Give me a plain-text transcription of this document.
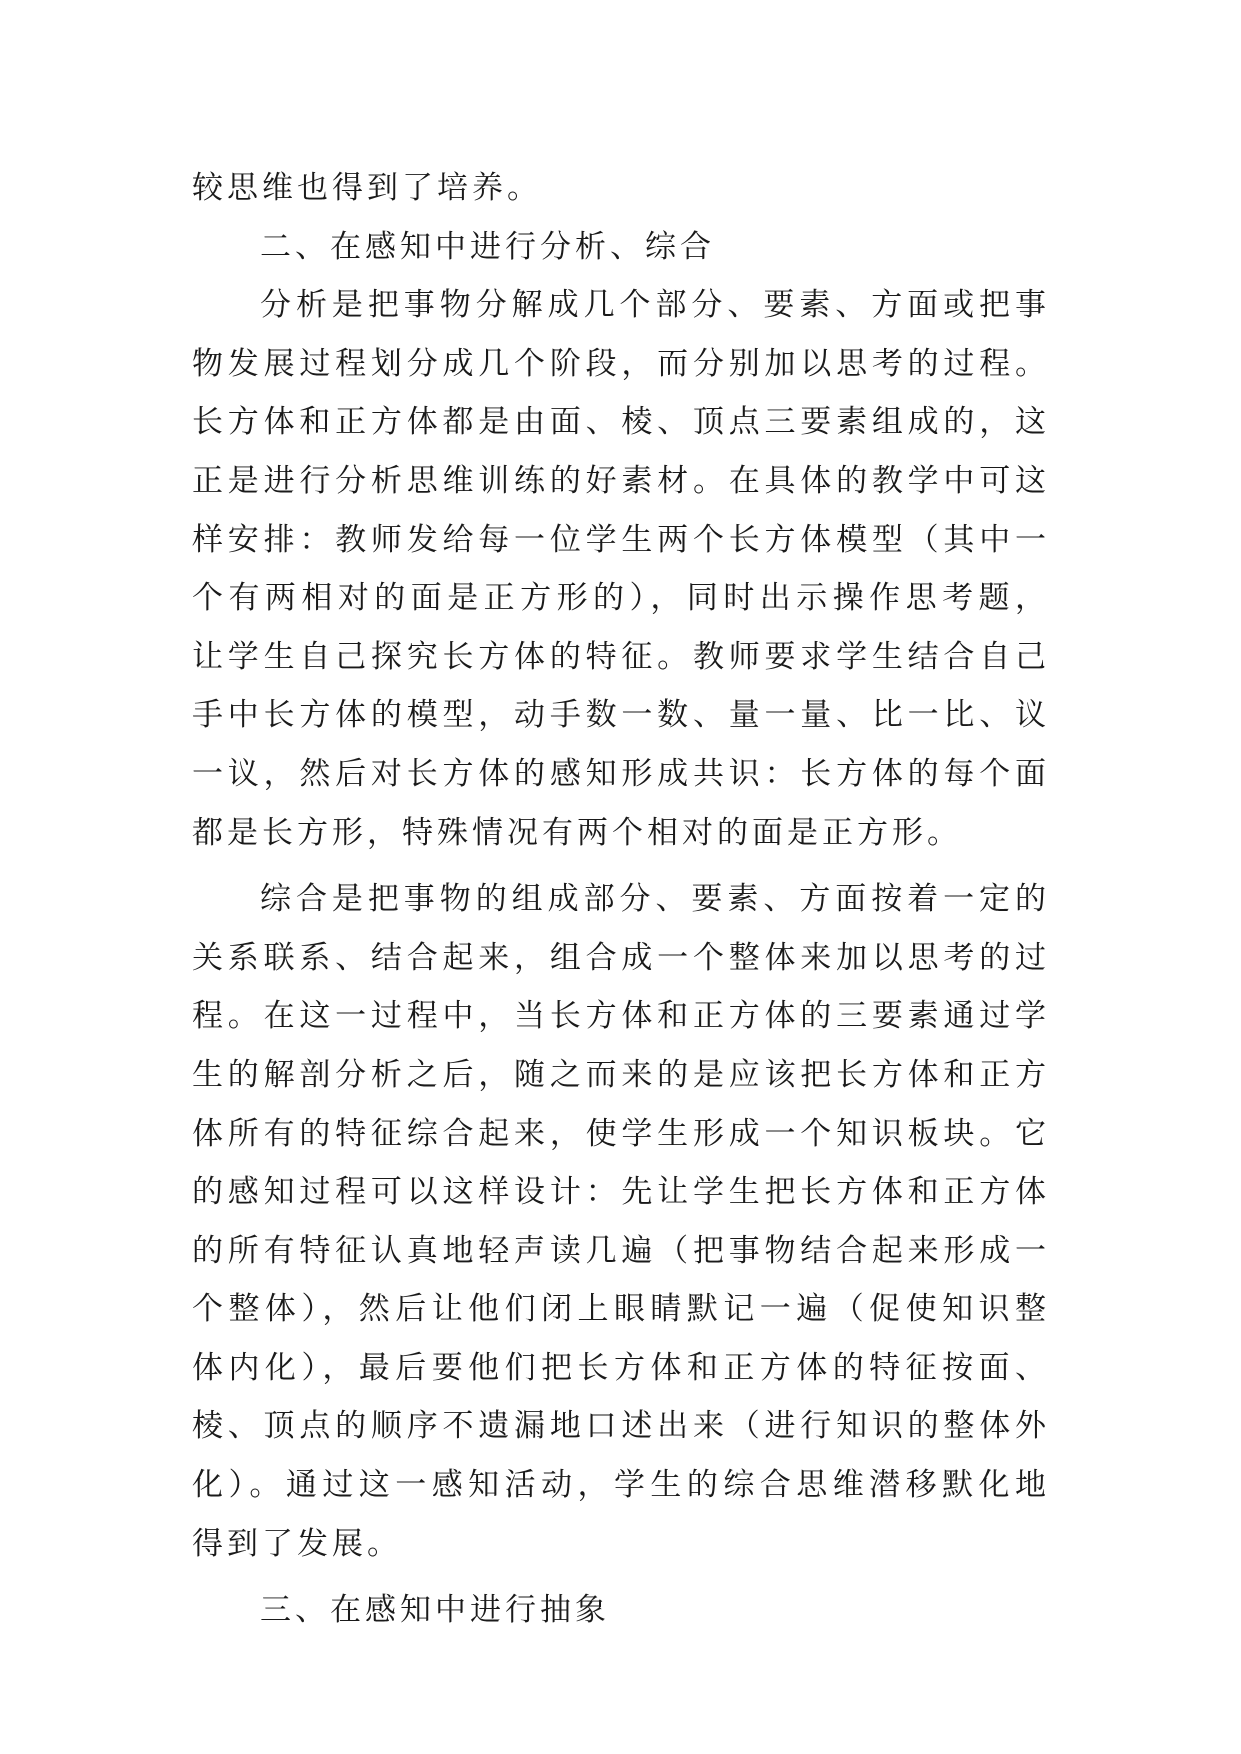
较思维也得到了培养。

二、在感知中进行分析、综合

分析是把事物分解成几个部分、要素、方面或把事物发展过程划分成几个阶段，而分别加以思考的过程。长方体和正方体都是由面、棱、顶点三要素组成的，这正是进行分析思维训练的好素材。在具体的教学中可这样安排：教师发给每一位学生两个长方体模型（其中一个有两相对的面是正方形的），同时出示操作思考题，让学生自己探究长方体的特征。教师要求学生结合自己手中长方体的模型，动手数一数、量一量、比一比、议一议，然后对长方体的感知形成共识：长方体的每个面都是长方形，特殊情况有两个相对的面是正方形。

综合是把事物的组成部分、要素、方面按着一定的关系联系、结合起来，组合成一个整体来加以思考的过程。在这一过程中，当长方体和正方体的三要素通过学生的解剖分析之后，随之而来的是应该把长方体和正方体所有的特征综合起来，使学生形成一个知识板块。它的感知过程可以这样设计：先让学生把长方体和正方体的所有特征认真地轻声读几遍（把事物结合起来形成一个整体），然后让他们闭上眼睛默记一遍（促使知识整体内化），最后要他们把长方体和正方体的特征按面、棱、顶点的顺序不遗漏地口述出来（进行知识的整体外化）。通过这一感知活动，学生的综合思维潜移默化地得到了发展。

三、在感知中进行抽象
